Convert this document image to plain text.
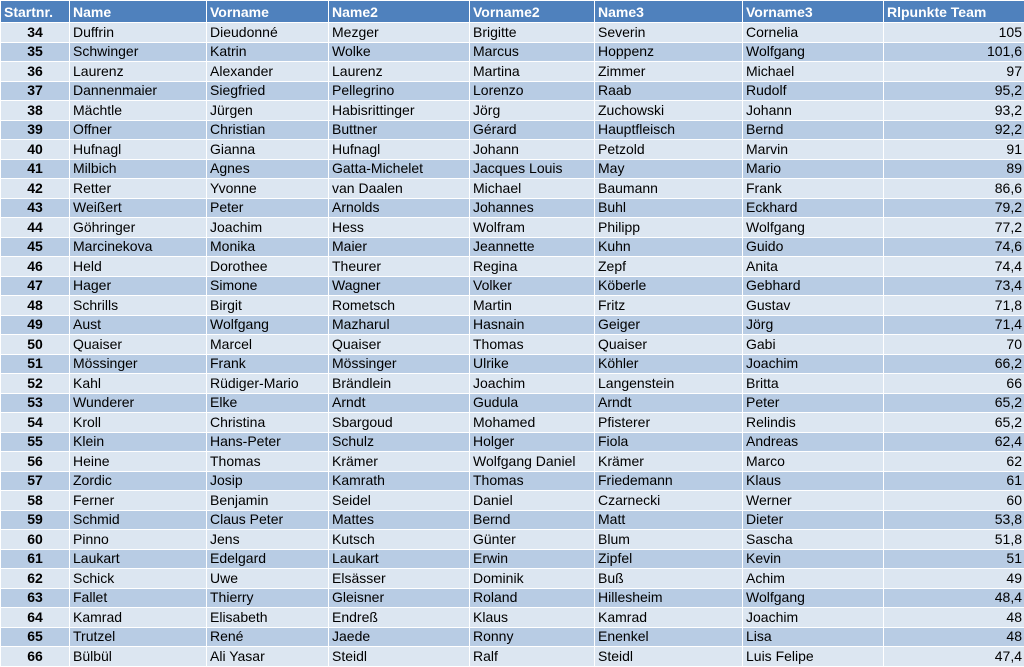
Startnr.	Name	Vorname	Name2	Vorname2	Name3	Vorname3	Rlpunkte Team
34	Duffrin	Dieudonné	Mezger	Brigitte	Severin	Cornelia	105
35	Schwinger	Katrin	Wolke	Marcus	Hoppenz	Wolfgang	101,6
36	Laurenz	Alexander	Laurenz	Martina	Zimmer	Michael	97
37	Dannenmaier	Siegfried	Pellegrino	Lorenzo	Raab	Rudolf	95,2
38	Mächtle	Jürgen	Habisrittinger	Jörg	Zuchowski	Johann	93,2
39	Offner	Christian	Buttner	Gérard	Hauptfleisch	Bernd	92,2
40	Hufnagl	Gianna	Hufnagl	Johann	Petzold	Marvin	91
41	Milbich	Agnes	Gatta-Michelet	Jacques Louis	May	Mario	89
42	Retter	Yvonne	van Daalen	Michael	Baumann	Frank	86,6
43	Weißert	Peter	Arnolds	Johannes	Buhl	Eckhard	79,2
44	Göhringer	Joachim	Hess	Wolfram	Philipp	Wolfgang	77,2
45	Marcinekova	Monika	Maier	Jeannette	Kuhn	Guido	74,6
46	Held	Dorothee	Theurer	Regina	Zepf	Anita	74,4
47	Hager	Simone	Wagner	Volker	Köberle	Gebhard	73,4
48	Schrills	Birgit	Rometsch	Martin	Fritz	Gustav	71,8
49	Aust	Wolfgang	Mazharul	Hasnain	Geiger	Jörg	71,4
50	Quaiser	Marcel	Quaiser	Thomas	Quaiser	Gabi	70
51	Mössinger	Frank	Mössinger	Ulrike	Köhler	Joachim	66,2
52	Kahl	Rüdiger-Mario	Brändlein	Joachim	Langenstein	Britta	66
53	Wunderer	Elke	Arndt	Gudula	Arndt	Peter	65,2
54	Kroll	Christina	Sbargoud	Mohamed	Pfisterer	Relindis	65,2
55	Klein	Hans-Peter	Schulz	Holger	Fiola	Andreas	62,4
56	Heine	Thomas	Krämer	Wolfgang Daniel	Krämer	Marco	62
57	Zordic	Josip	Kamrath	Thomas	Friedemann	Klaus	61
58	Ferner	Benjamin	Seidel	Daniel	Czarnecki	Werner	60
59	Schmid	Claus Peter	Mattes	Bernd	Matt	Dieter	53,8
60	Pinno	Jens	Kutsch	Günter	Blum	Sascha	51,8
61	Laukart	Edelgard	Laukart	Erwin	Zipfel	Kevin	51
62	Schick	Uwe	Elsässer	Dominik	Buß	Achim	49
63	Fallet	Thierry	Gleisner	Roland	Hillesheim	Wolfgang	48,4
64	Kamrad	Elisabeth	Endreß	Klaus	Kamrad	Joachim	48
65	Trutzel	René	Jaede	Ronny	Enenkel	Lisa	48
66	Bülbül	Ali Yasar	Steidl	Ralf	Steidl	Luis Felipe	47,4
